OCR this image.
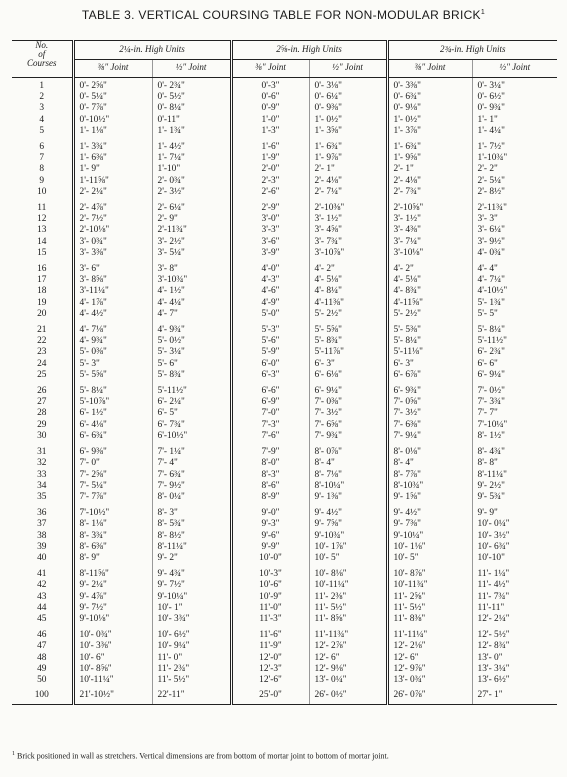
TABLE 3. VERTICAL COURSING TABLE FOR NON-MODULAR BRICK$^1$
No.
of	2¼-in. High Units		2⅝-in. High Units		2¾-in. High Units	
Courses	⅜" Joint	½" Joint	⅜" Joint	½" Joint	⅜" Joint	½" Joint
1	0'- 2⅝"	0'- 2¾"	0'-3"	0'- 3⅛"	0'- 3⅜"	0'- 3¼"
2	0'- 5¼"	0'- 5½"	0'-6"	0'- 6¼"	0'- 6¾"	0'- 6½"
3	0'- 7⅞"	0'- 8¼"	0'-9"	0'- 9⅜"	0'- 9⅛"	0'- 9¾"
4	0'-10½"	0'-11"	1'-0"	1'- 0½"	1'- 0½"	1'- 1"
5	1'- 1⅛"	1'- 1¾"	1'-3"	1'- 3⅝"	1'- 3⅞"	1'- 4¼"
6	1'- 3¾"	1'- 4½"	1'-6"	1'- 6¾"	1'- 6¾"	1'- 7½"
7	1'- 6⅜"	1'- 7¼"	1'-9"	1'- 9⅞"	1'- 9⅝"	1'-10¾"
8	1'- 9"	1'-10"	2'-0"	2'- 1"	2'- 1"	2'- 2"
9	1'-11⅝"	2'- 0¾"	2'-3"	2'- 4⅛"	2'- 4⅛"	2'- 5¼"
10	2'- 2¼"	2'- 3½"	2'-6"	2'- 7¼"	2'- 7¾"	2'- 8½"
11	2'- 4⅞"	2'- 6¼"	2'-9"	2'-10⅜"	2'-10⅝"	2'-11¾"
12	2'- 7½"	2'- 9"	3'-0"	3'- 1½"	3'- 1½"	3'- 3"
13	2'-10⅛"	2'-11¾"	3'-3"	3'- 4⅝"	3'- 4⅜"	3'- 6¼"
14	3'- 0¾"	3'- 2½"	3'-6"	3'- 7¾"	3'- 7¼"	3'- 9½"
15	3'- 3⅜"	3'- 5¼"	3'-9"	3'-10⅞"	3'-10⅛"	4'- 0¾"
16	3'- 6"	3'- 8"	4'-0"	4'- 2"	4'- 2"	4'- 4"
17	3'- 8⅝"	3'-10¾"	4'-3"	4'- 5⅛"	4'- 5⅛"	4'- 7¼"
18	3'-11¼"	4'- 1½"	4'-6"	4'- 8¼"	4'- 8¾"	4'-10½"
19	4'- 1⅞"	4'- 4¼"	4'-9"	4'-11⅜"	4'-11⅝"	5'- 1¾"
20	4'- 4½"	4'- 7"	5'-0"	5'- 2½"	5'- 2½"	5'- 5"
21	4'- 7⅛"	4'- 9¾"	5'-3"	5'- 5⅝"	5'- 5⅜"	5'- 8¼"
22	4'- 9¾"	5'- 0½"	5'-6"	5'- 8¾"	5'- 8¼"	5'-11½"
23	5'- 0⅜"	5'- 3¼"	5'-9"	5'-11⅞"	5'-11⅛"	6'- 2¾"
24	5'- 3"	5'- 6"	6'-0"	6'- 3"	6'- 3"	6'- 6"
25	5'- 5⅝"	5'- 8¾"	6'-3"	6'- 6⅛"	6'- 6⅞"	6'- 9¼"
26	5'- 8¼"	5'-11½"	6'-6"	6'- 9¼"	6'- 9¾"	7'- 0½"
27	5'-10⅞"	6'- 2¼"	6'-9"	7'- 0⅜"	7'- 0⅝"	7'- 3¾"
28	6'- 1½"	6'- 5"	7'-0"	7'- 3½"	7'- 3½"	7'- 7"
29	6'- 4⅛"	6'- 7¾"	7'-3"	7'- 6⅝"	7'- 6⅜"	7'-10¼"
30	6'- 6¾"	6'-10½"	7'-6"	7'- 9¾"	7'- 9¼"	8'- 1½"
31	6'- 9⅜"	7'- 1¼"	7'-9"	8'- 0⅞"	8'- 0⅛"	8'- 4¾"
32	7'- 0"	7'- 4"	8'-0"	8'- 4"	8'- 4"	8'- 8"
33	7'- 2⅝"	7'- 6¾"	8'-3"	8'- 7⅛"	8'- 7⅞"	8'-11¼"
34	7'- 5¼"	7'- 9½"	8'-6"	8'-10¼"	8'-10¾"	9'- 2½"
35	7'- 7⅞"	8'- 0¼"	8'-9"	9'- 1⅜"	9'- 1⅝"	9'- 5¾"
36	7'-10½"	8'- 3"	9'-0"	9'- 4½"	9'- 4½"	9'- 9"
37	8'- 1⅛"	8'- 5¾"	9'-3"	9'- 7⅝"	9'- 7⅜"	10'- 0¼"
38	8'- 3¾"	8'- 8½"	9'-6"	9'-10¾"	9'-10¼"	10'- 3½"
39	8'- 6⅜"	8'-11¼"	9'-9"	10'- 1⅞"	10'- 1⅛"	10'- 6¾"
40	8'- 9"	9'- 2"	10'-0"	10'- 5"	10'- 5"	10'-10"
41	8'-11⅝"	9'- 4¾"	10'-3"	10'- 8⅛"	10'- 8⅞"	11'- 1¼"
42	9'- 2¼"	9'- 7½"	10'-6"	10'-11¼"	10'-11¾"	11'- 4½"
43	9'- 4⅞"	9'-10¼"	10'-9"	11'- 2⅜"	11'- 2⅝"	11'- 7¾"
44	9'- 7½"	10'- 1"	11'-0"	11'- 5½"	11'- 5½"	11'-11"
45	9'-10⅛"	10'- 3¾"	11'-3"	11'- 8⅝"	11'- 8⅜"	12'- 2¼"
46	10'- 0¾"	10'- 6½"	11'-6"	11'-11¾"	11'-11¼"	12'- 5½"
47	10'- 3⅜"	10'- 9¼"	11'-9"	12'- 2⅞"	12'- 2⅛"	12'- 8¾"
48	10'- 6"	11'- 0"	12'-0"	12'- 6"	12'- 6"	13'- 0"
49	10'- 8⅝"	11'- 2¾"	12'-3"	12'- 9⅛"	12'- 9⅞"	13'- 3¼"
50	10'-11¼"	11'- 5½"	12'-6"	13'- 0¼"	13'- 0¾"	13'- 6½"
100	21'-10½"	22'-11"	25'-0"	26'- 0½"	26'- 0⅞"	27'- 1"
$^1$ Brick positioned in wall as stretchers. Vertical dimensions are from bottom of mortar joint to bottom of mortar joint.
